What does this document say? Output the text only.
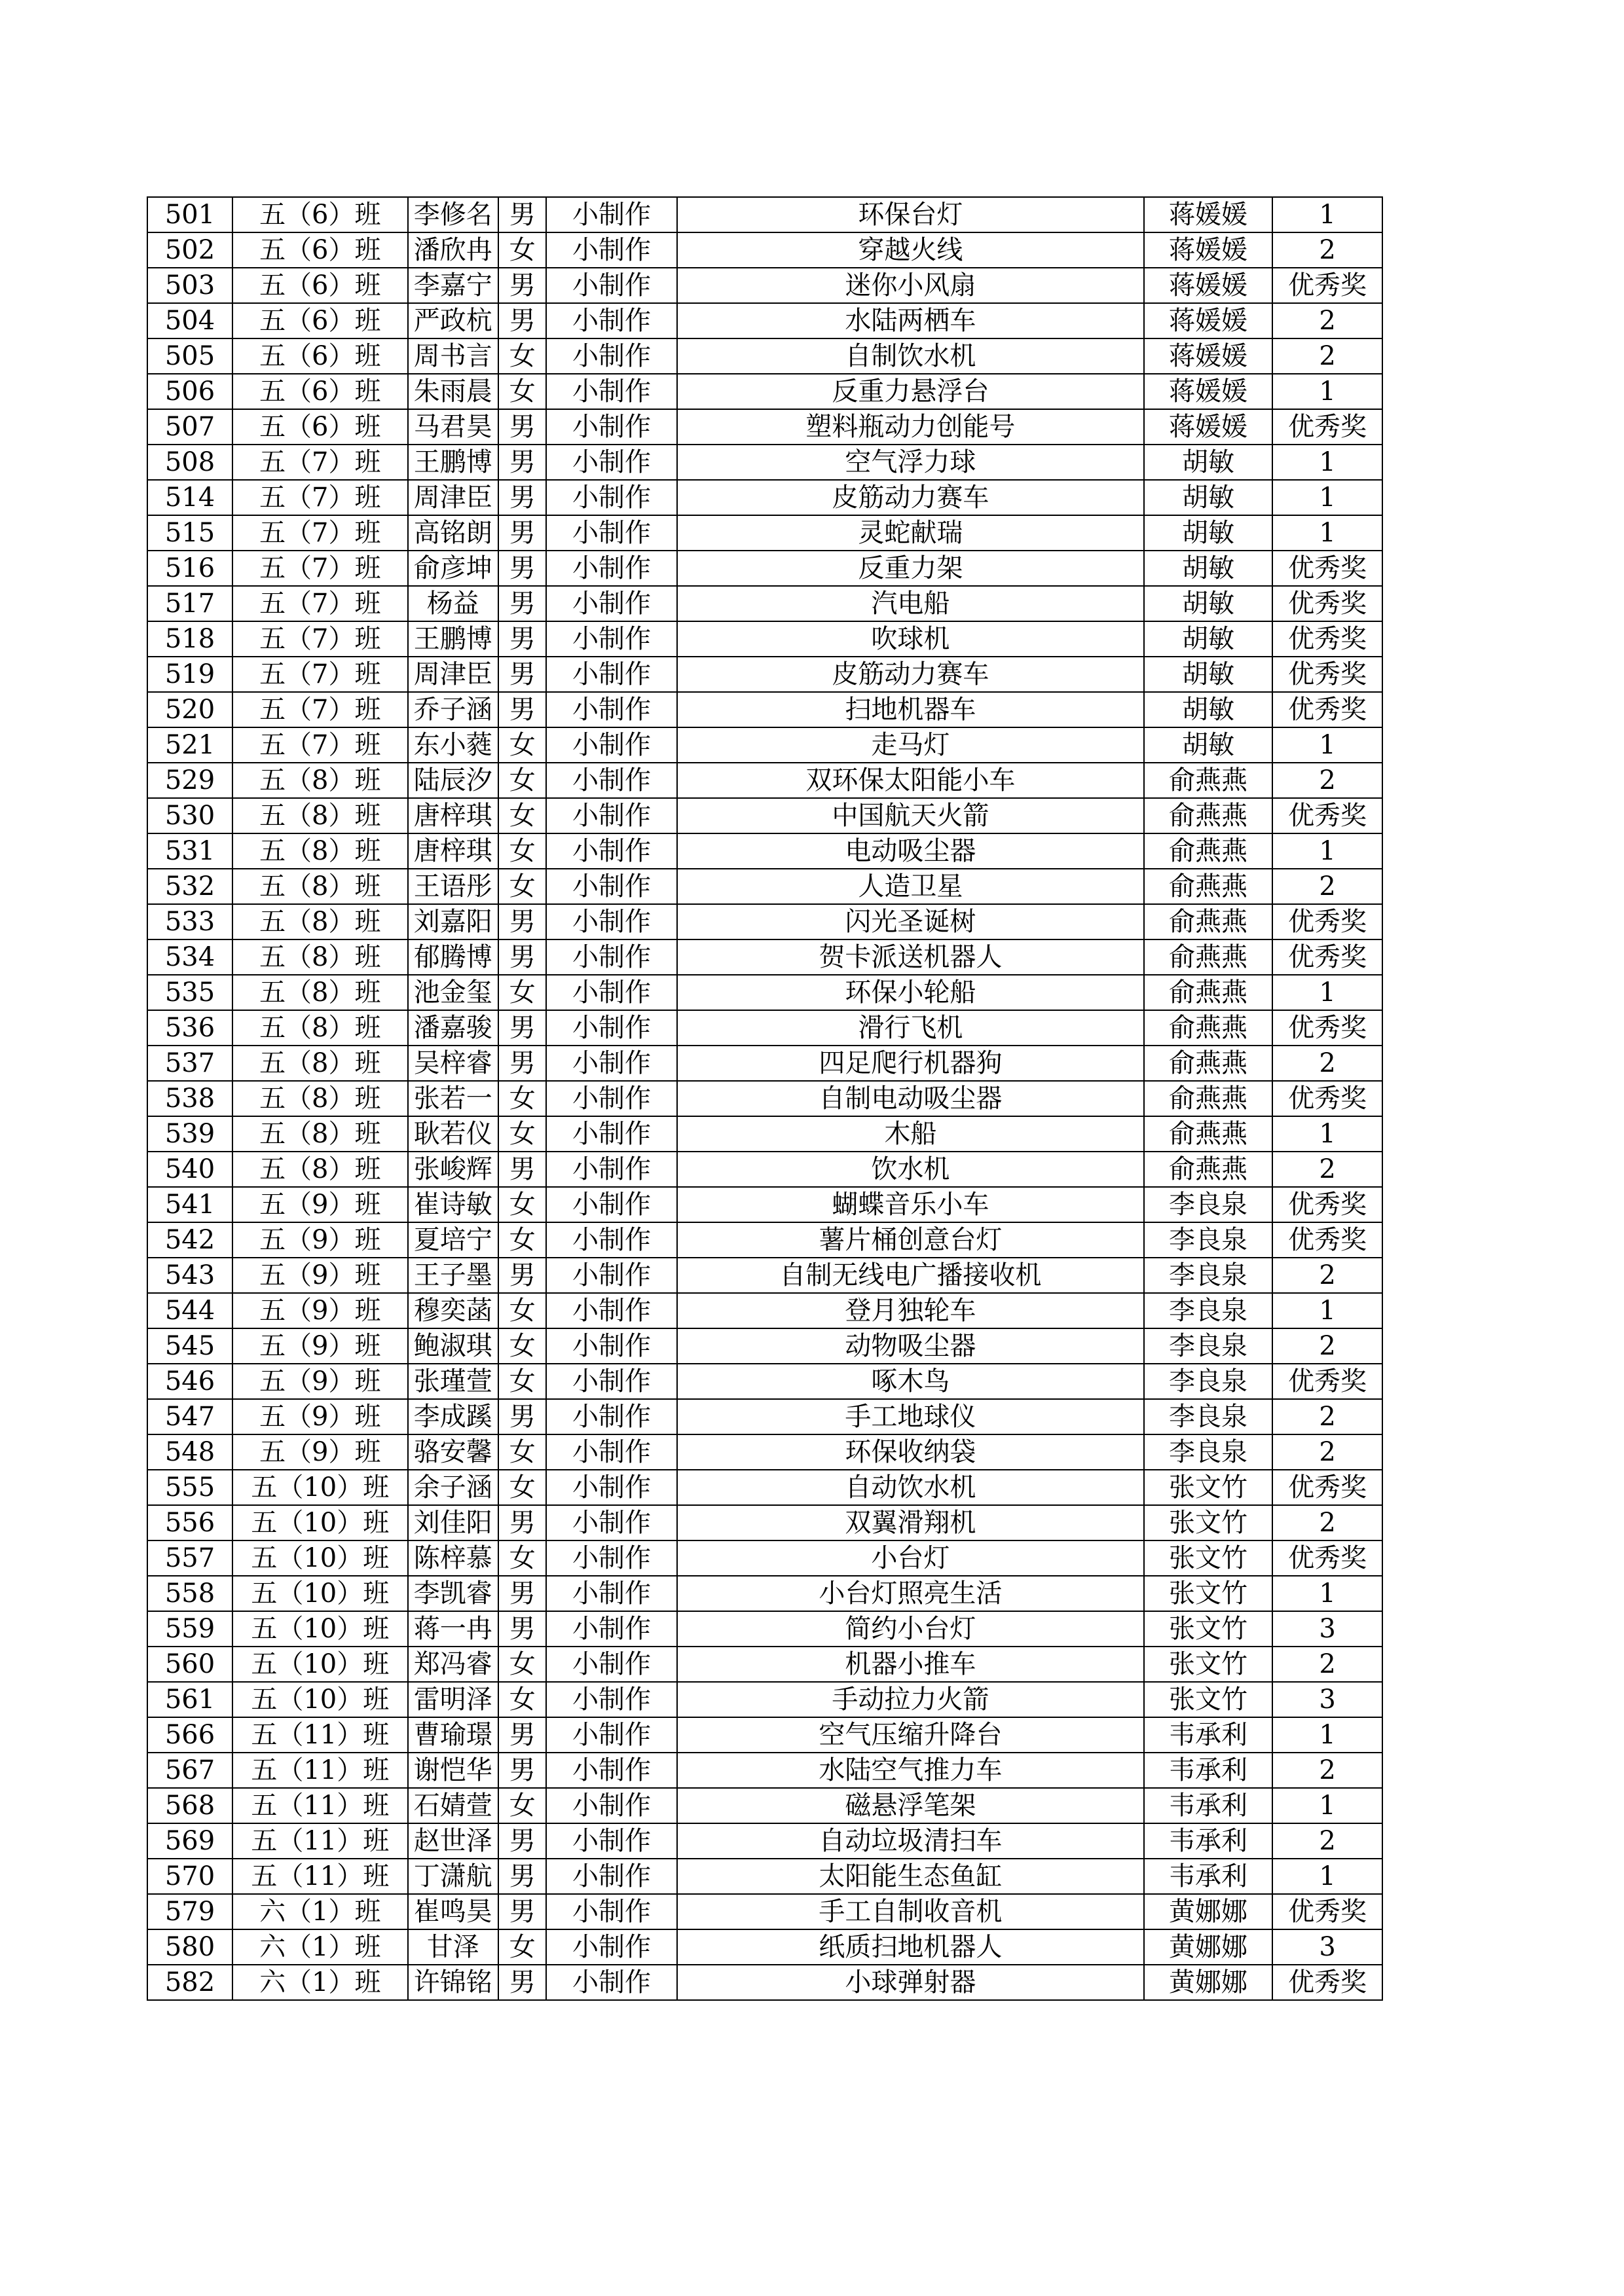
501	五（6）班	李修名	男	小制作	环保台灯	蒋媛媛	1
502	五（6）班	潘欣冉	女	小制作	穿越火线	蒋媛媛	2
503	五（6）班	李嘉宁	男	小制作	迷你小风扇	蒋媛媛	优秀奖
504	五（6）班	严政杭	男	小制作	水陆两栖车	蒋媛媛	2
505	五（6）班	周书言	女	小制作	自制饮水机	蒋媛媛	2
506	五（6）班	朱雨晨	女	小制作	反重力悬浮台	蒋媛媛	1
507	五（6）班	马君昊	男	小制作	塑料瓶动力创能号	蒋媛媛	优秀奖
508	五（7）班	王鹏博	男	小制作	空气浮力球	胡敏	1
514	五（7）班	周津臣	男	小制作	皮筋动力赛车	胡敏	1
515	五（7）班	高铭朗	男	小制作	灵蛇献瑞	胡敏	1
516	五（7）班	俞彦坤	男	小制作	反重力架	胡敏	优秀奖
517	五（7）班	杨益	男	小制作	汽电船	胡敏	优秀奖
518	五（7）班	王鹏博	男	小制作	吹球机	胡敏	优秀奖
519	五（7）班	周津臣	男	小制作	皮筋动力赛车	胡敏	优秀奖
520	五（7）班	乔子涵	男	小制作	扫地机器车	胡敏	优秀奖
521	五（7）班	东小蕤	女	小制作	走马灯	胡敏	1
529	五（8）班	陆辰汐	女	小制作	双环保太阳能小车	俞燕燕	2
530	五（8）班	唐梓琪	女	小制作	中国航天火箭	俞燕燕	优秀奖
531	五（8）班	唐梓琪	女	小制作	电动吸尘器	俞燕燕	1
532	五（8）班	王语彤	女	小制作	人造卫星	俞燕燕	2
533	五（8）班	刘嘉阳	男	小制作	闪光圣诞树	俞燕燕	优秀奖
534	五（8）班	郁腾博	男	小制作	贺卡派送机器人	俞燕燕	优秀奖
535	五（8）班	池金玺	女	小制作	环保小轮船	俞燕燕	1
536	五（8）班	潘嘉骏	男	小制作	滑行飞机	俞燕燕	优秀奖
537	五（8）班	吴梓睿	男	小制作	四足爬行机器狗	俞燕燕	2
538	五（8）班	张若一	女	小制作	自制电动吸尘器	俞燕燕	优秀奖
539	五（8）班	耿若仪	女	小制作	木船	俞燕燕	1
540	五（8）班	张峻辉	男	小制作	饮水机	俞燕燕	2
541	五（9）班	崔诗敏	女	小制作	蝴蝶音乐小车	李良泉	优秀奖
542	五（9）班	夏培宁	女	小制作	薯片桶创意台灯	李良泉	优秀奖
543	五（9）班	王子墨	男	小制作	自制无线电广播接收机	李良泉	2
544	五（9）班	穆奕菡	女	小制作	登月独轮车	李良泉	1
545	五（9）班	鲍淑琪	女	小制作	动物吸尘器	李良泉	2
546	五（9）班	张瑾萱	女	小制作	啄木鸟	李良泉	优秀奖
547	五（9）班	李成蹊	男	小制作	手工地球仪	李良泉	2
548	五（9）班	骆安馨	女	小制作	环保收纳袋	李良泉	2
555	五（10）班	余子涵	女	小制作	自动饮水机	张文竹	优秀奖
556	五（10）班	刘佳阳	男	小制作	双翼滑翔机	张文竹	2
557	五（10）班	陈梓慕	女	小制作	小台灯	张文竹	优秀奖
558	五（10）班	李凯睿	男	小制作	小台灯照亮生活	张文竹	1
559	五（10）班	蒋一冉	男	小制作	简约小台灯	张文竹	3
560	五（10）班	郑冯睿	女	小制作	机器小推车	张文竹	2
561	五（10）班	雷明泽	女	小制作	手动拉力火箭	张文竹	3
566	五（11）班	曹瑜璟	男	小制作	空气压缩升降台	韦承利	1
567	五（11）班	谢恺华	男	小制作	水陆空气推力车	韦承利	2
568	五（11）班	石婧萱	女	小制作	磁悬浮笔架	韦承利	1
569	五（11）班	赵世泽	男	小制作	自动垃圾清扫车	韦承利	2
570	五（11）班	丁潇航	男	小制作	太阳能生态鱼缸	韦承利	1
579	六（1）班	崔鸣昊	男	小制作	手工自制收音机	黄娜娜	优秀奖
580	六（1）班	甘泽	女	小制作	纸质扫地机器人	黄娜娜	3
582	六（1）班	许锦铭	男	小制作	小球弹射器	黄娜娜	优秀奖
